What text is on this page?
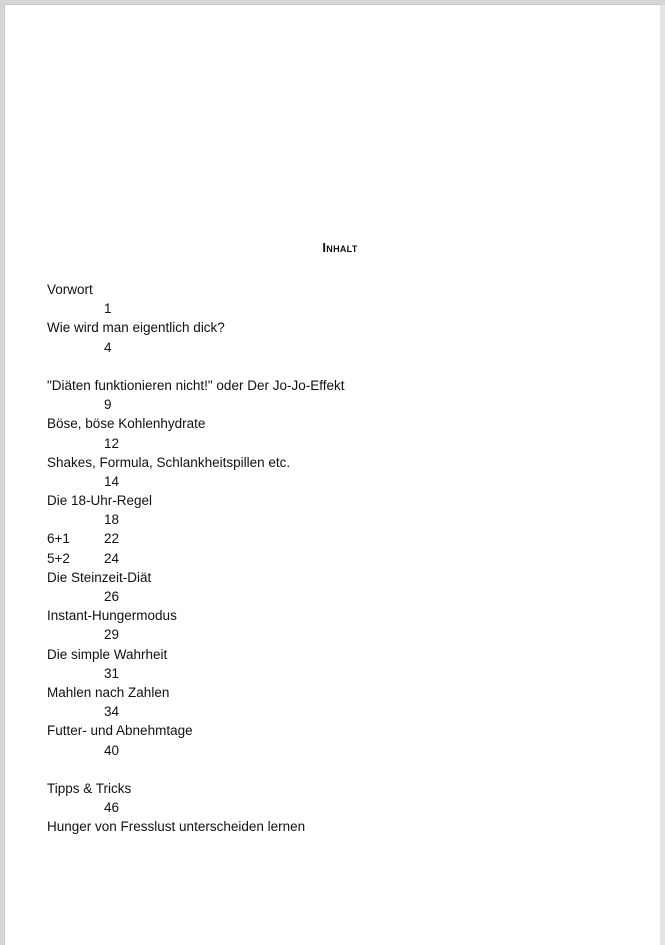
Inhalt
Vorwort
1
Wie wird man eigentlich dick?
4
"Diäten funktionieren nicht!" oder Der Jo-Jo-Effekt
9
Böse, böse Kohlenhydrate
12
Shakes, Formula, Schlankheitspillen etc.
14
Die 18-Uhr-Regel
18
6+1	22
5+2	24
Die Steinzeit-Diät
26
Instant-Hungermodus
29
Die simple Wahrheit
31
Mahlen nach Zahlen
34
Futter- und Abnehmtage
40
Tipps & Tricks
46
Hunger von Fresslust unterscheiden lernen
